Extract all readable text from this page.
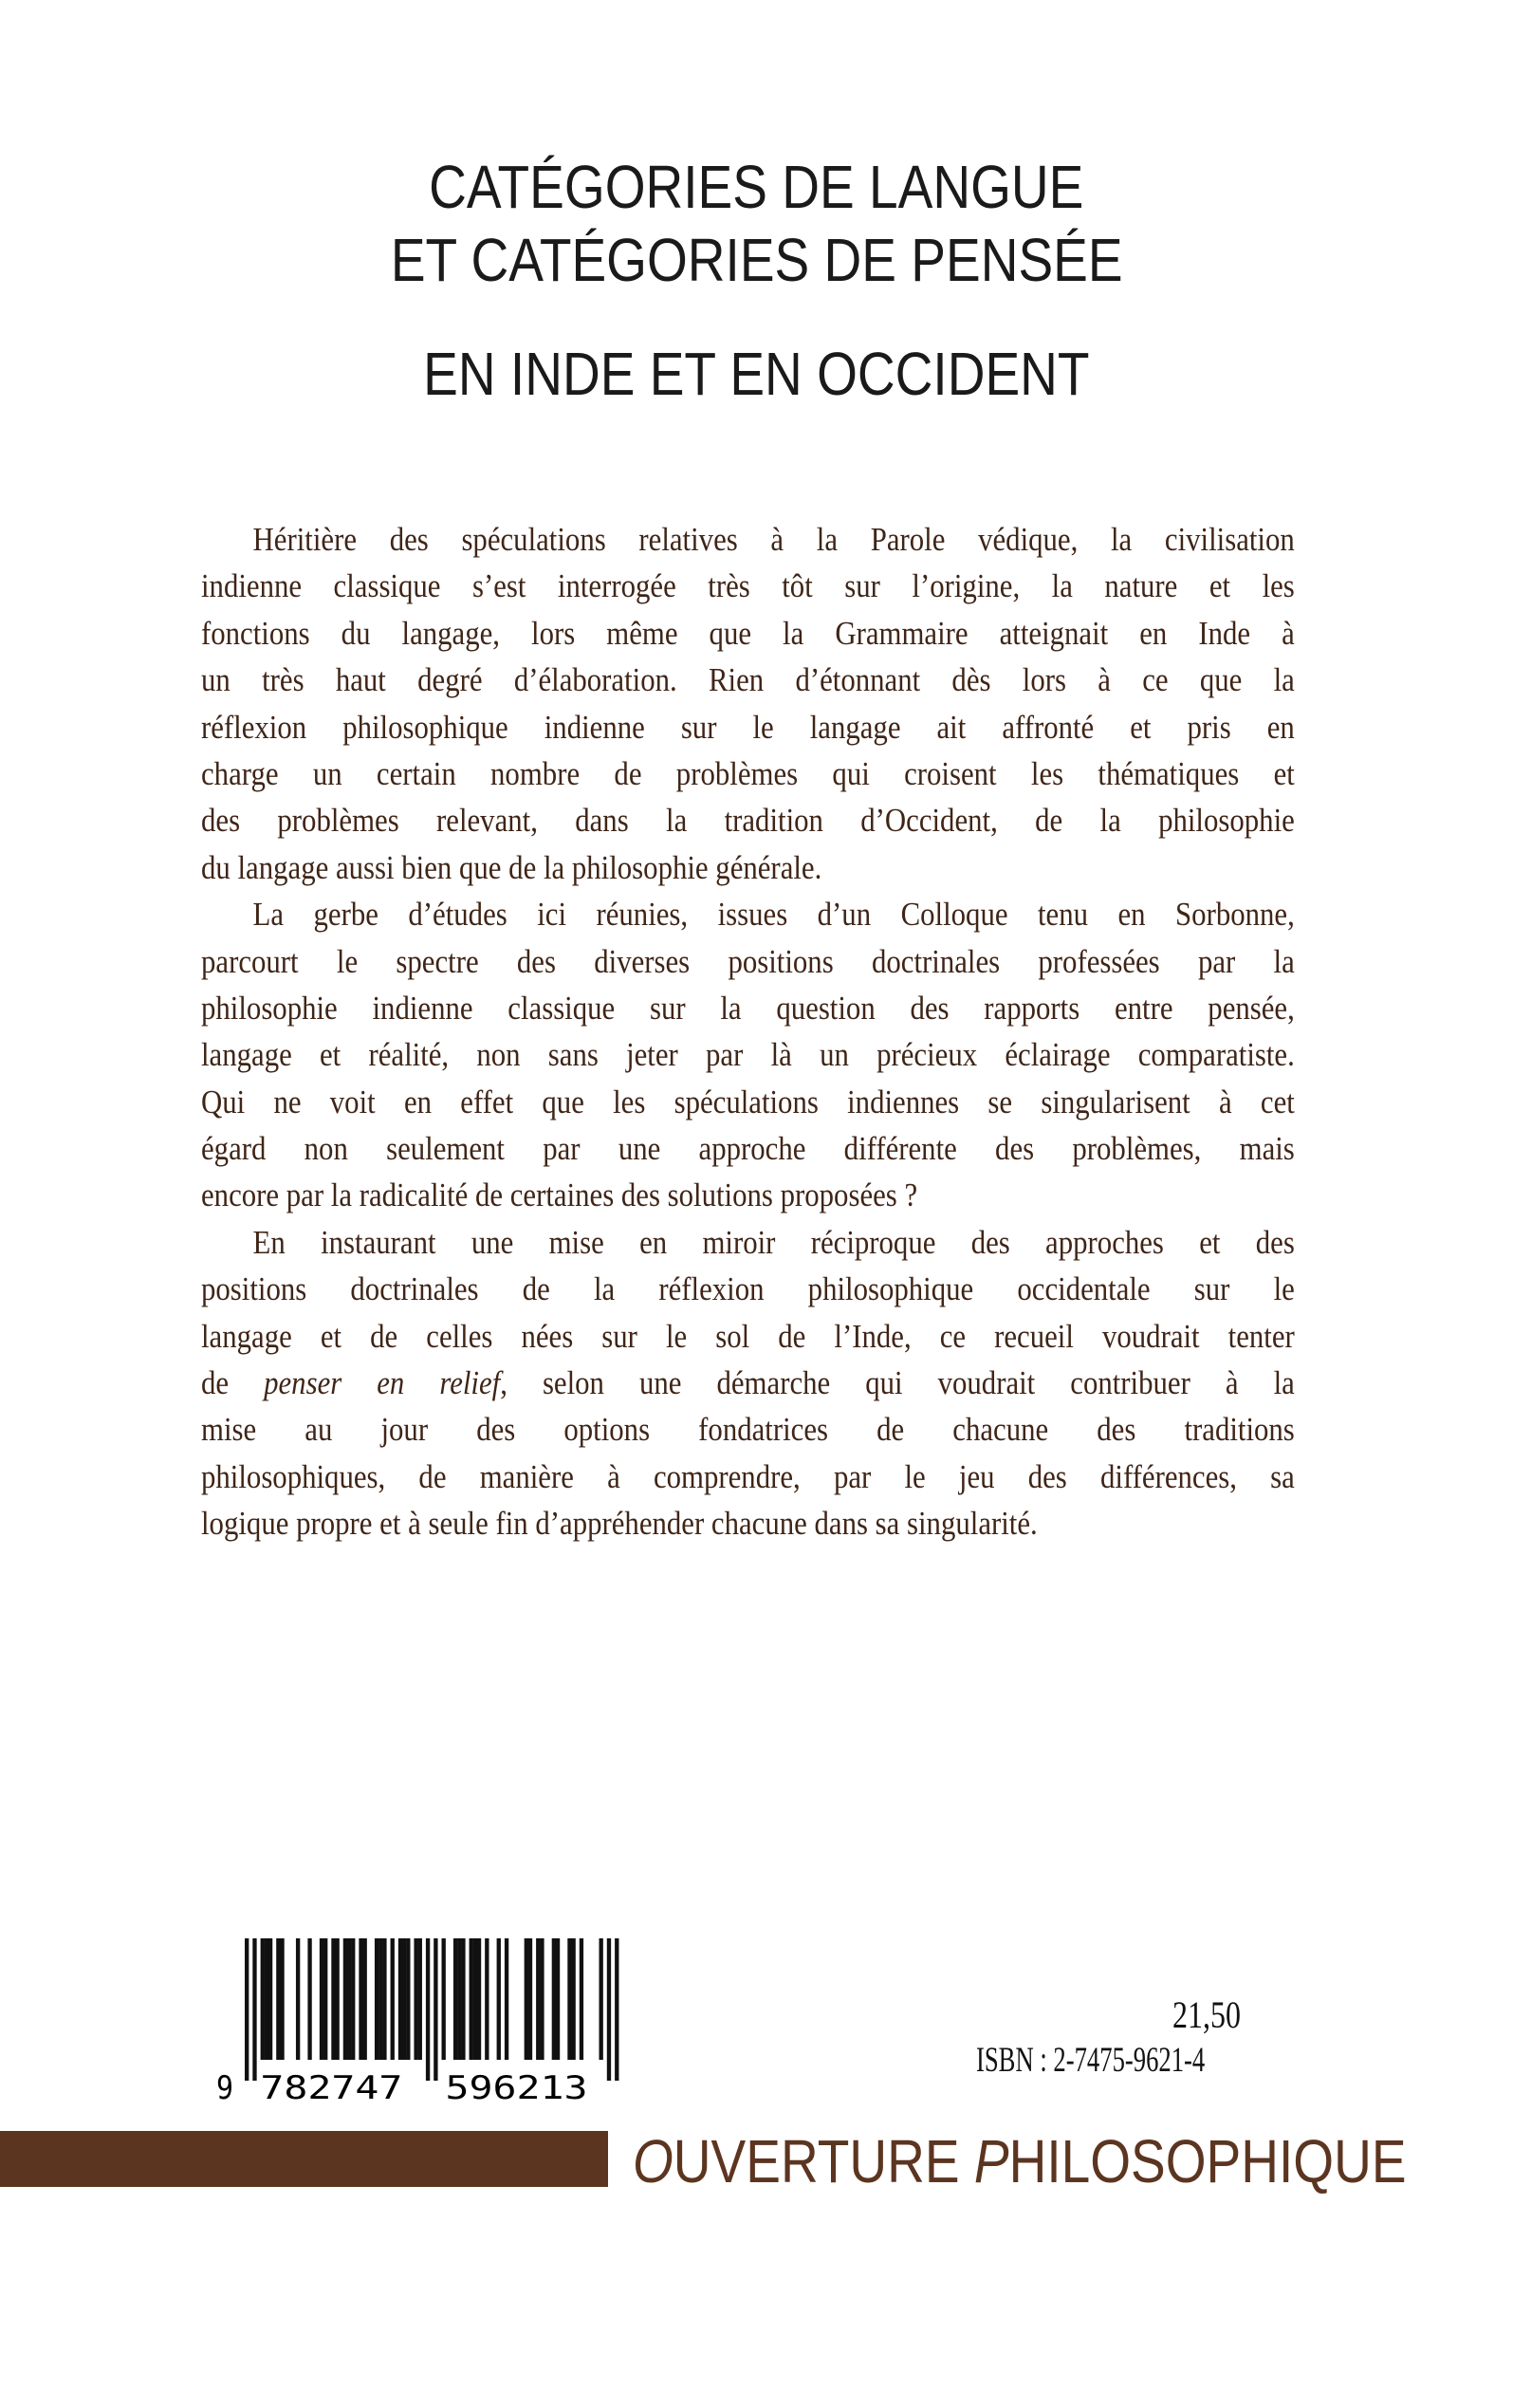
CATÉGORIES DE LANGUE
ET CATÉGORIES DE PENSÉE
EN INDE ET EN OCCIDENT
Héritière des spéculations relatives à la Parole védique, la civilisation
indienne classique s’est interrogée très tôt sur l’origine, la nature et les
fonctions du langage, lors même que la Grammaire atteignait en Inde à
un très haut degré d’élaboration. Rien d’étonnant dès lors à ce que la
réflexion philosophique indienne sur le langage ait affronté et pris en
charge un certain nombre de problèmes qui croisent les thématiques et
des problèmes relevant, dans la tradition d’Occident, de la philosophie
du langage aussi bien que de la philosophie générale.
La gerbe d’études ici réunies, issues d’un Colloque tenu en Sorbonne,
parcourt le spectre des diverses positions doctrinales professées par la
philosophie indienne classique sur la question des rapports entre pensée,
langage et réalité, non sans jeter par là un précieux éclairage comparatiste.
Qui ne voit en effet que les spéculations indiennes se singularisent à cet
égard non seulement par une approche différente des problèmes, mais
encore par la radicalité de certaines des solutions proposées ?
En instaurant une mise en miroir réciproque des approches et des
positions doctrinales de la réflexion philosophique occidentale sur le
langage et de celles nées sur le sol de l’Inde, ce recueil voudrait tenter
de penser en relief, selon une démarche qui voudrait contribuer à la
mise au jour des options fondatrices de chacune des traditions
philosophiques, de manière à comprendre, par le jeu des différences, sa
logique propre et à seule fin d’appréhender chacune dans sa singularité.
9 782747 596213
21,50
ISBN : 2-7475-9621-4
OUVERTURE PHILOSOPHIQUE
